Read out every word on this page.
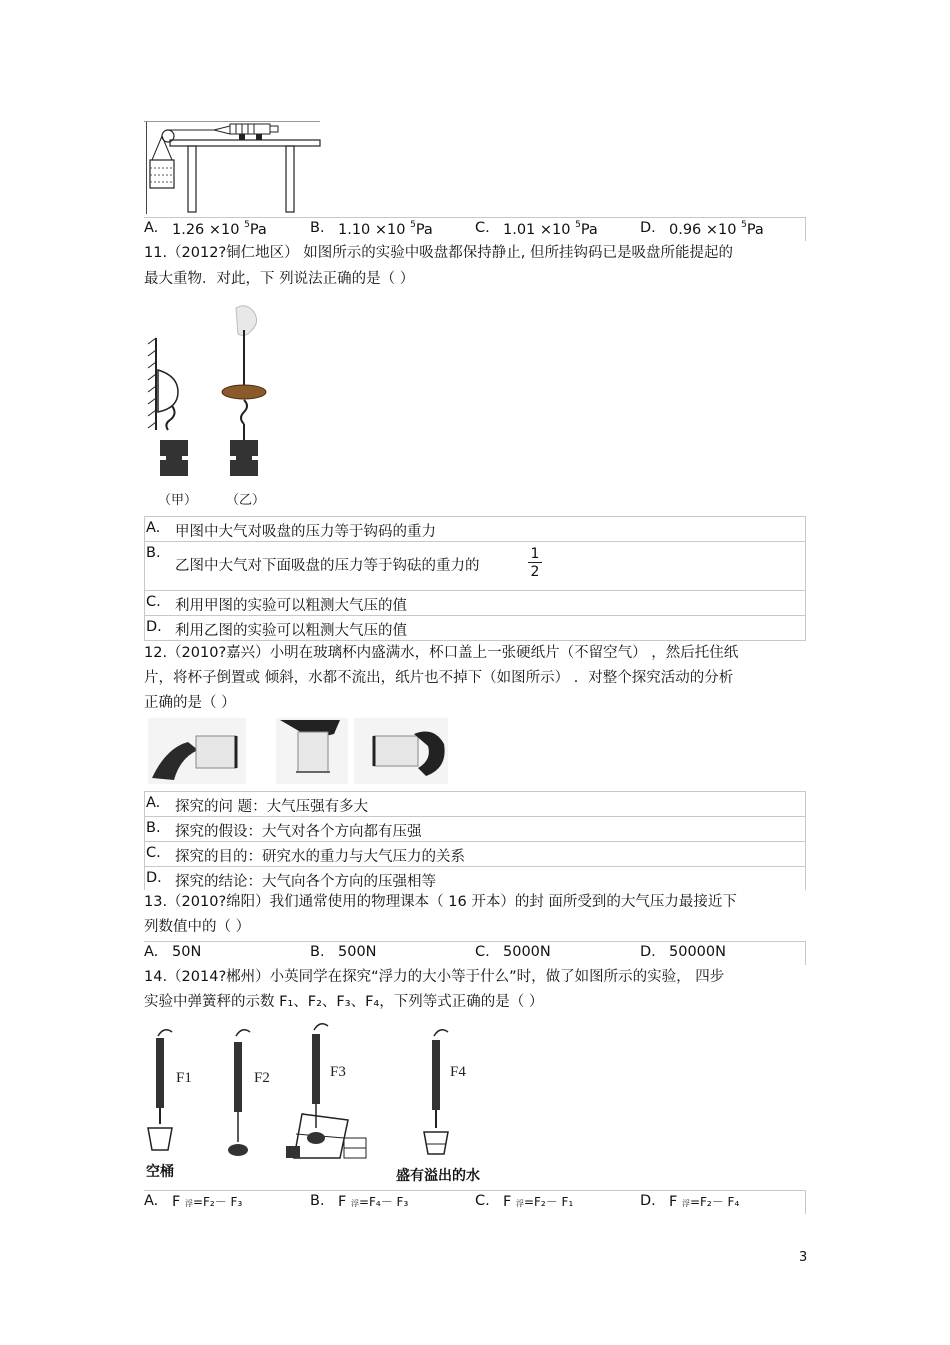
A. 1.26 ×10 $^5$Pa	B. 1.10 ×10 $^5$Pa	C. 1.01 ×10 $^5$Pa	D. 0.96 ×10 $^5$Pa
11.（2012?铜仁地区） 如图所示的实验中吸盘都保持静止, 但所挂钩码已是吸盘所能提起的
最大重物．对此，下 列说法正确的是（ ）
（甲） （乙）
A. 甲图中大气对吸盘的压力等于钩码的重力
B.
乙图中大气对下面吸盘的压力等于钩砝的重力的
1
2
C. 利用甲图的实验可以粗测大气压的值
D. 利用乙图的实验可以粗测大气压的值
12.（2010?嘉兴）小明在玻璃杯内盛满水，杯口盖上一张硬纸片（不留空气） ，然后托住纸
片，将杯子倒置或 倾斜，水都不流出，纸片也不掉下（如图所示） ．对整个探究活动的分析
正确的是（ ）
A. 探究的问 题：大气压强有多大
B. 探究的假设：大气对各个方向都有压强
C. 探究的目的：研究水的重力与大气压力的关系
D. 探究的结论：大气向各个方向的压强相等
13.（2010?绵阳）我们通常使用的物理课本（ 16 开本）的封 面所受到的大气压力最接近下
列数值中的（ ）
A. 50N	B. 500N	C. 5000N	D. 50000N
14.（2014?郴州）小英同学在探究“浮力的大小等于什么”时，做了如图所示的实验， 四步
实验中弹簧秤的示数 F₁、F₂、F₃、F₄，下列等式正确的是（ ）
F1	F2	F3	F4
空桶	盛有溢出的水
A. F 浮=F₂－ F₃	B. F 浮=F₄－ F₃	C. F 浮=F₂－ F₁	D. F 浮=F₂－ F₄
3
